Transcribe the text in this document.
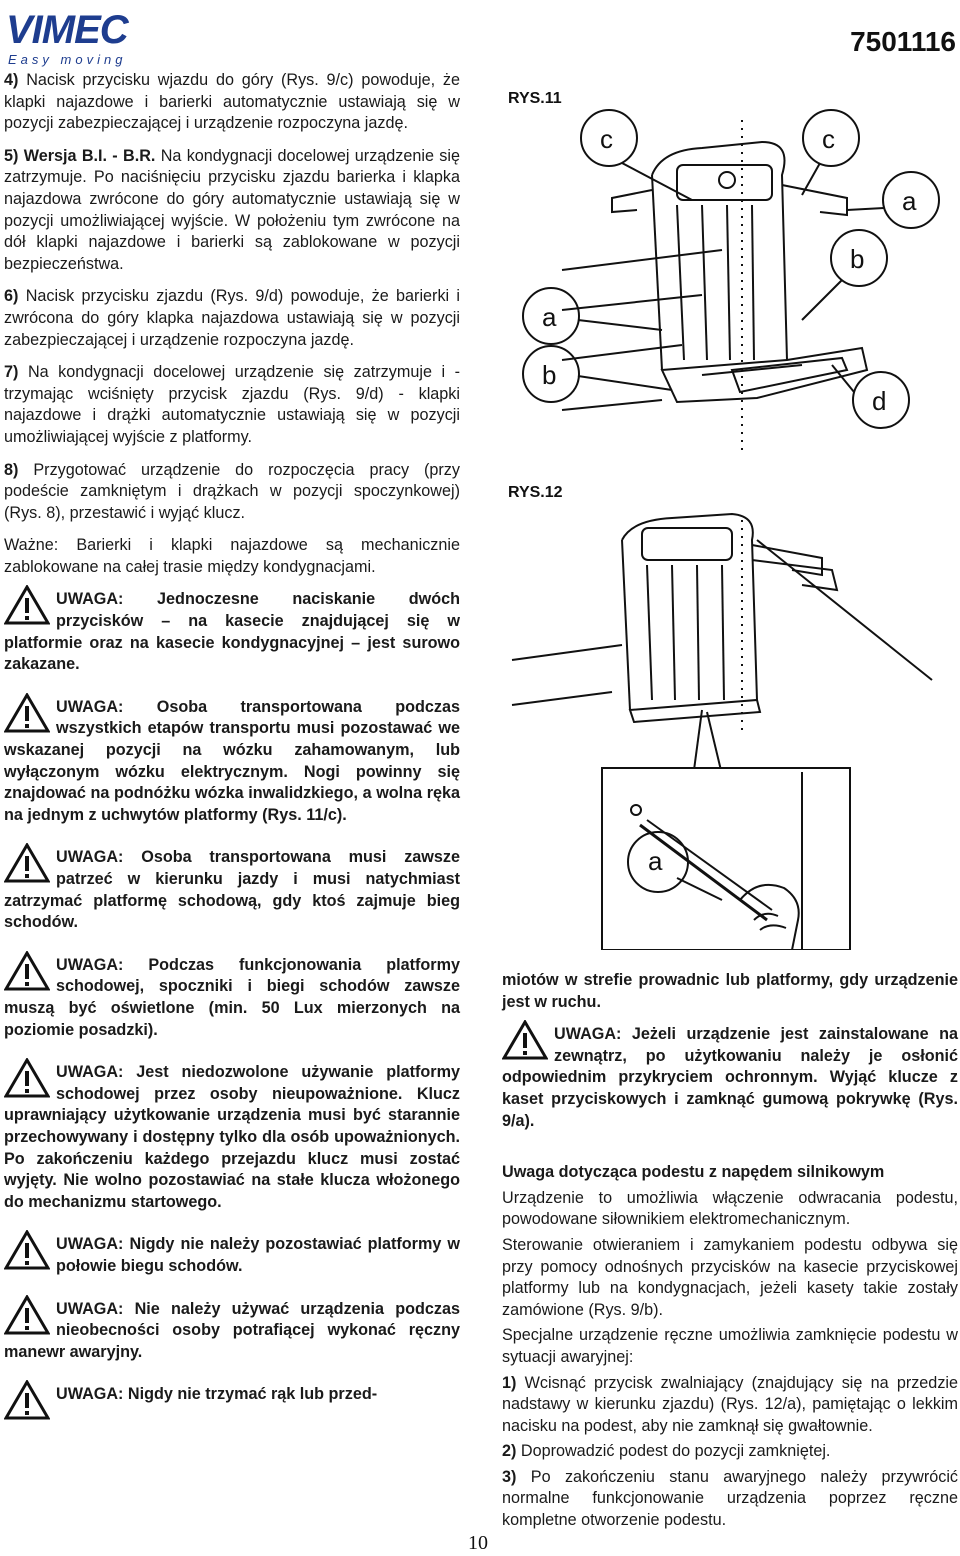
VIMEC
Easy moving
7501116

4) Nacisk przycisku wjazdu do góry (Rys. 9/c) powoduje, że klapki najazdowe i barierki automatycznie ustawiają się w pozycji zabezpieczającej i urządzenie rozpoczyna jazdę.

5) Wersja B.I. - B.R. Na kondygnacji docelowej urządzenie się zatrzymuje. Po naciśnięciu przycisku zjazdu barierka i klapka najazdowa zwrócone do góry automatycznie ustawiają się w pozycji umożliwiającej wyjście. W położeniu tym zwrócone na dół klapki najazdowe i barierki są zablokowane w pozycji bezpieczeństwa.

6) Nacisk przycisku zjazdu (Rys. 9/d) powoduje, że barierki i zwrócona do góry klapka najazdowa ustawiają się w pozycji zabezpieczającej i urządzenie rozpoczyna jazdę.

7) Na kondygnacji docelowej urządzenie się zatrzymuje i - trzymając wciśnięty przycisk zjazdu (Rys. 9/d) - klapki najazdowe i drążki automatycznie ustawiają się w pozycji umożliwiającej wyjście z platformy.

8) Przygotować urządzenie do rozpoczęcia pracy (przy podeście zamkniętym i drążkach w pozycji spoczynkowej) (Rys. 8), przestawić i wyjąć klucz.

Ważne: Barierki i klapki najazdowe są mechanicznie zablokowane na całej trasie między kondygnacjami.

UWAGA: Jednoczesne naciskanie dwóch przycisków – na kasecie znajdującej się w platformie oraz na kasecie kondygnacyjnej – jest surowo zakazane.
UWAGA: Osoba transportowana podczas wszystkich etapów transportu musi pozostawać we wskazanej pozycji na wózku zahamowanym, lub wyłączonym wózku elektrycznym. Nogi powinny się znajdować na podnóżku wózka inwalidzkiego, a wolna ręka na jednym z uchwytów platformy (Rys. 11/c).
UWAGA: Osoba transportowana musi zawsze patrzeć w kierunku jazdy i musi natychmiast zatrzymać platformę schodową, gdy ktoś zajmuje bieg schodów.
UWAGA: Podczas funkcjonowania platformy schodowej, spoczniki i biegi schodów zawsze muszą być oświetlone (min. 50 Lux mierzonych na poziomie posadzki).
UWAGA: Jest niedozwolone używanie platformy schodowej przez osoby nieupoważnione. Klucz uprawniający użytkowanie urządzenia musi być starannie przechowywany i dostępny tylko dla osób upoważnionych. Po zakończeniu każdego przejazdu klucz musi zostać wyjęty. Nie wolno pozostawiać na stałe klucza włożonego do mechanizmu startowego.
UWAGA: Nigdy nie należy pozostawiać platformy w połowie biegu schodów.
UWAGA: Nie należy używać urządzenia podczas nieobecności osoby potrafiącej wykonać ręczny manewr awaryjny.
UWAGA: Nigdy nie trzymać rąk lub przed-
RYS.11
c	c
a
b
a
b
d
RYS.12
a

miotów w strefie prowadnic lub platformy, gdy urządzenie jest w ruchu.

UWAGA: Jeżeli urządzenie jest zainstalowane na zewnątrz, po użytkowaniu należy je osłonić odpowiednim przykryciem ochronnym. Wyjąć klucze z kaset przyciskowych i zamknąć gumową pokrywkę (Rys. 9/a).

Uwaga dotycząca podestu z napędem silnikowym

Urządzenie to umożliwia włączenie odwracania podestu, powodowane siłownikiem elektromechanicznym.

Sterowanie otwieraniem i zamykaniem podestu odbywa się przy pomocy odnośnych przycisków na kasecie przyciskowej platformy lub na kondygnacjach, jeżeli kasety takie zostały zamówione (Rys. 9/b).

Specjalne urządzenie ręczne umożliwia zamknięcie podestu w sytuacji awaryjnej:

1) Wcisnąć przycisk zwalniający (znajdujący się na przedzie nadstawy w kierunku zjazdu) (Rys. 12/a), pamiętając o lekkim nacisku na podest, aby nie zamknął się gwałtownie.

2) Doprowadzić podest do pozycji zamkniętej.

3) Po zakończeniu stanu awaryjnego należy przywrócić normalne funkcjonowanie urządzenia poprzez ręczne kompletne otworzenie podestu.

10
